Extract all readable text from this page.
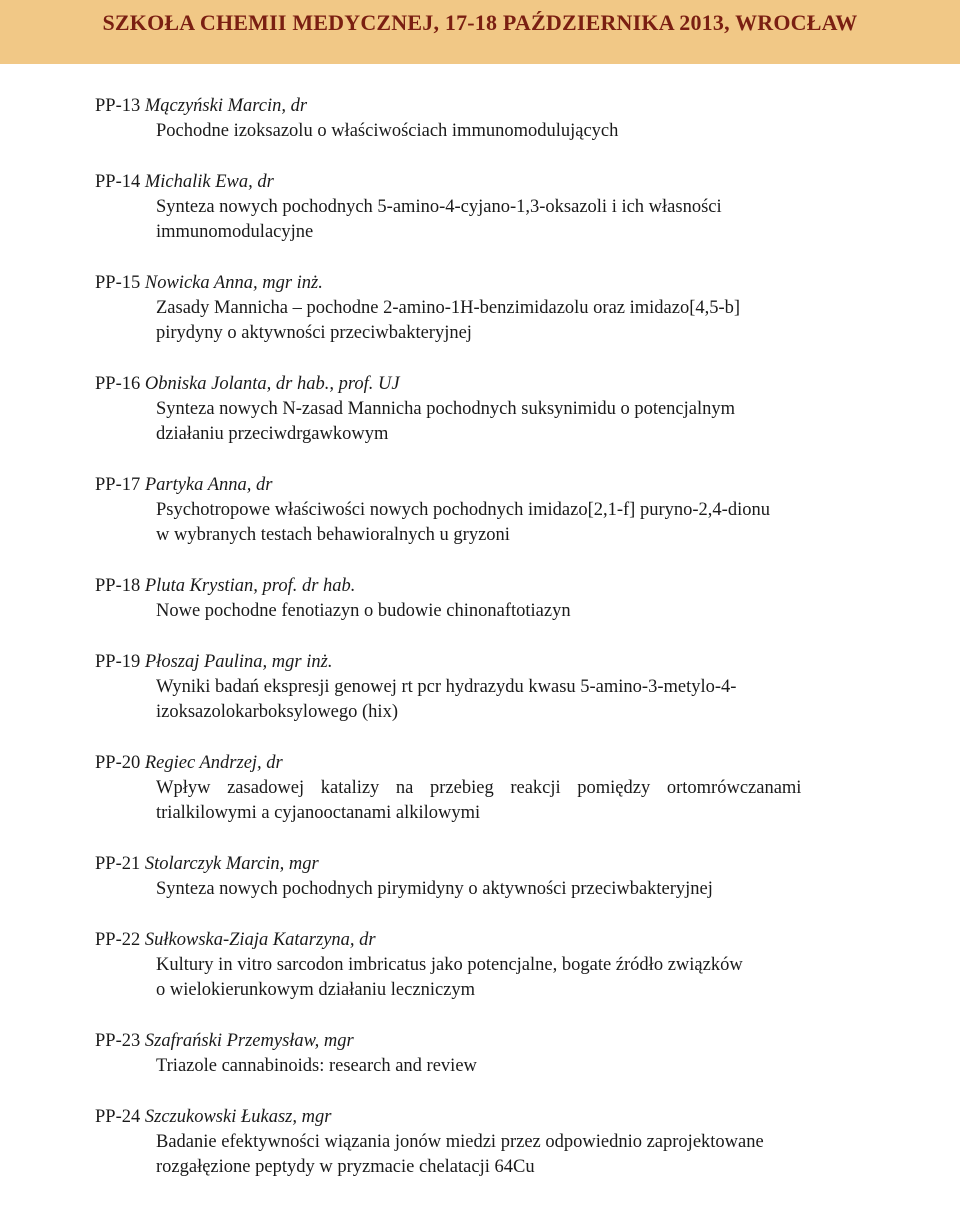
SZKOŁA CHEMII MEDYCZNEJ, 17-18 PAŹDZIERNIKA 2013, WROCŁAW
PP-13 Mączyński Marcin, dr
Pochodne izoksazolu o właściwościach immunomodulujących
PP-14 Michalik Ewa, dr
Synteza nowych pochodnych 5-amino-4-cyjano-1,3-oksazoli i ich własności
immunomodulacyjne
PP-15 Nowicka Anna, mgr inż.
Zasady Mannicha – pochodne 2-amino-1H-benzimidazolu oraz imidazo[4,5-b]
pirydyny o aktywności przeciwbakteryjnej
PP-16 Obniska Jolanta, dr hab., prof. UJ
Synteza nowych N-zasad Mannicha pochodnych suksynimidu o potencjalnym
działaniu przeciwdrgawkowym
PP-17 Partyka Anna, dr
Psychotropowe właściwości nowych pochodnych imidazo[2,1-f] puryno-2,4-dionu
w wybranych testach behawioralnych u gryzoni
PP-18 Pluta Krystian, prof. dr hab.
Nowe pochodne fenotiazyn o budowie chinonaftotiazyn
PP-19 Płoszaj Paulina, mgr inż.
Wyniki badań ekspresji genowej rt pcr hydrazydu kwasu 5-amino-3-metylo-4-
izoksazolokarboksylowego (hix)
PP-20 Regiec Andrzej, dr
Wpływ zasadowej katalizy na przebieg reakcji pomiędzy ortomrówczanami
trialkilowymi a cyjanooctanami alkilowymi
PP-21 Stolarczyk Marcin, mgr
Synteza nowych pochodnych pirymidyny o aktywności przeciwbakteryjnej
PP-22 Sułkowska-Ziaja Katarzyna, dr
Kultury in vitro sarcodon imbricatus jako potencjalne, bogate źródło związków
o wielokierunkowym działaniu leczniczym
PP-23 Szafrański Przemysław, mgr
Triazole cannabinoids: research and review
PP-24 Szczukowski Łukasz, mgr
Badanie efektywności wiązania jonów miedzi przez odpowiednio zaprojektowane
rozgałęzione peptydy w pryzmacie chelatacji 64Cu
